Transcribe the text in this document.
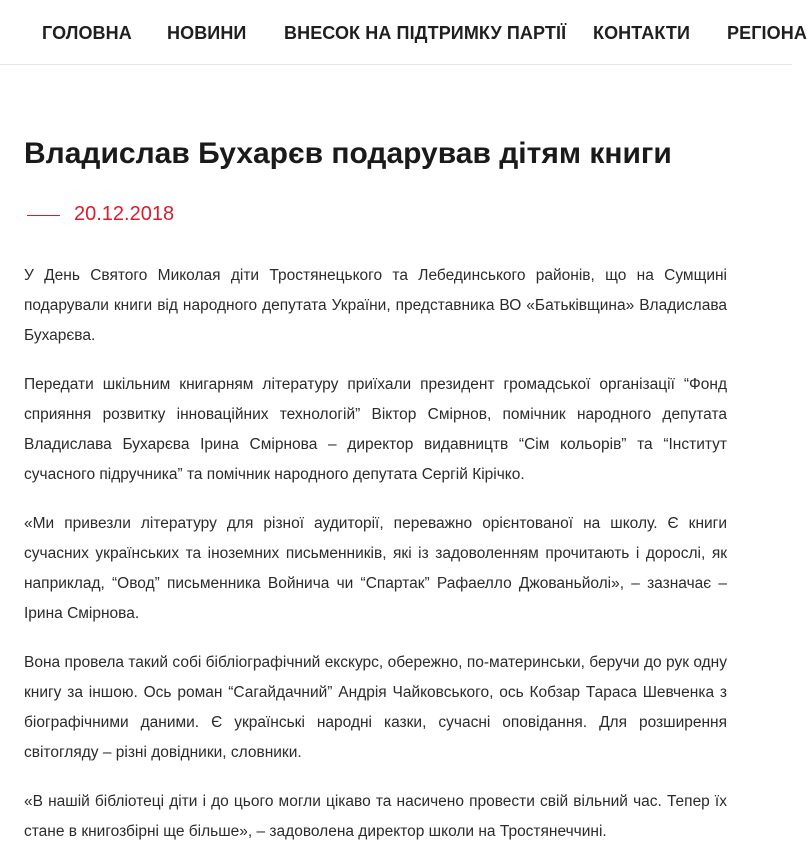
ГОЛОВНА НОВИНИ ВНЕСОК НА ПІДТРИМКУ ПАРТІЇ КОНТАКТИ РЕГІОНА
Владислав Бухарєв подарував дітям книги
20.12.2018

У День Святого Миколая діти Тростянецького та Лебединського районів, що на Сумщині подарували книги від народного депутата України, представника ВО «Батьківщина» Владислава Бухарєва.

Передати шкільним книгарням літературу приїхали президент громадської організації “Фонд сприяння розвитку інноваційних технологій” Віктор Смірнов, помічник народного депутата Владислава Бухарєва Ірина Смірнова – директор видавництв “Сім кольорів” та “Інститут сучасного підручника” та помічник народного депутата Сергій Кірічко.

«Ми привезли літературу для різної аудиторії, переважно орієнтованої на школу. Є книги сучасних українських та іноземних письменників, які із задоволенням прочитають і дорослі, як наприклад, “Овод” письменника Войнича чи “Спартак” Рафаелло Джованьйолі», – зазначає – Ірина Смірнова.

Вона провела такий собі бібліографічний екскурс, обережно, по-материнськи, беручи до рук одну книгу за іншою. Ось роман “Сагайдачний” Андрія Чайковського, ось Кобзар Тараса Шевченка з біографічними даними. Є українські народні казки, сучасні оповідання. Для розширення світогляду – різні довідники, словники.

«В нашій бібліотеці діти і до цього могли цікаво та насичено провести свій вільний час. Тепер їх стане в книгозбірні ще більше», – задоволена директор школи на Тростянеччині.
